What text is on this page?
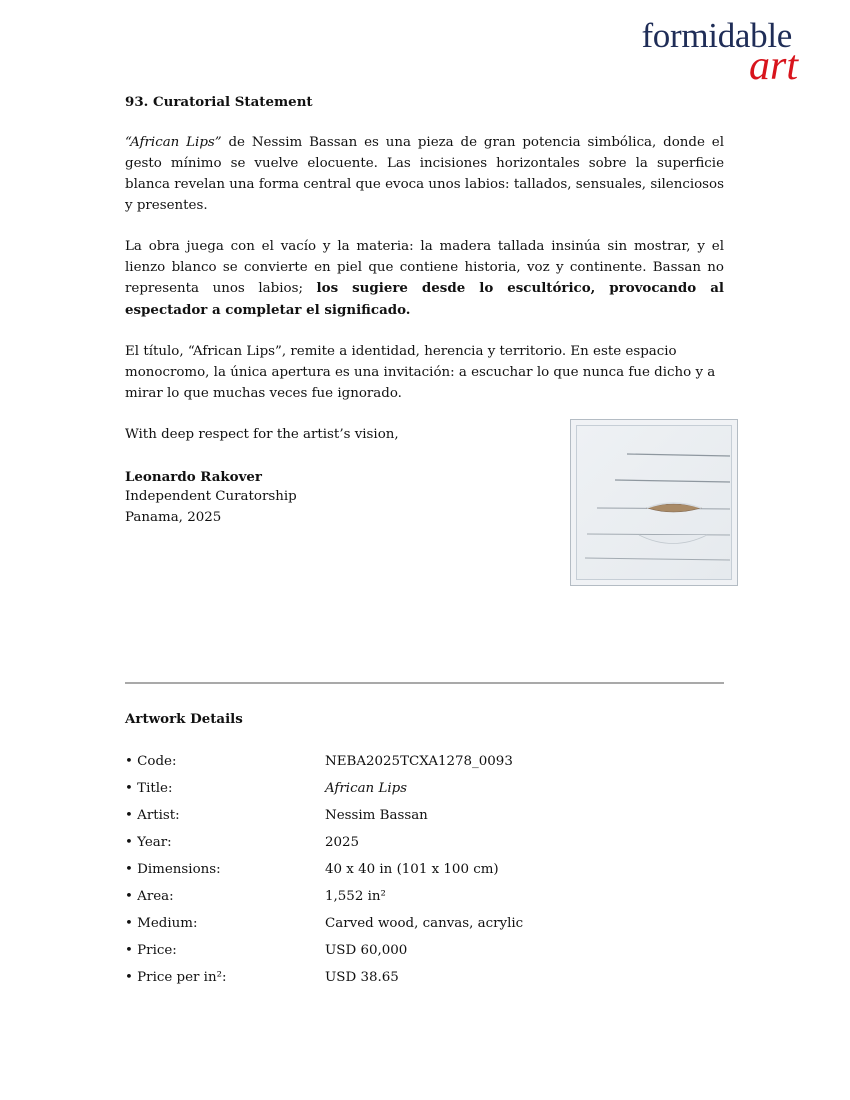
formidable
art
93. Curatorial Statement

“African Lips” de Nessim Bassan es una pieza de gran potencia simbólica, donde el gesto mínimo se vuelve elocuente. Las incisiones horizontales sobre la superficie blanca revelan una forma central que evoca unos labios: tallados, sensuales, silenciosos y presentes.

La obra juega con el vacío y la materia: la madera tallada insinúa sin mostrar, y el lienzo blanco se convierte en piel que contiene historia, voz y continente. Bassan no representa unos labios; los sugiere desde lo escultórico, provocando al espectador a completar el significado.

El título, “African Lips”, remite a identidad, herencia y territorio. En este espacio monocromo, la única apertura es una invitación: a escuchar lo que nunca fue dicho y a mirar lo que muchas veces fue ignorado.

With deep respect for the artist’s vision,

Leonardo Rakover
Independent Curatorship
Panama, 2025
Artwork Details
• Code:	NEBA2025TCXA1278_0093
• Title:	African Lips
• Artist:	Nessim Bassan
• Year:	2025
• Dimensions:	40 x 40 in (101 x 100 cm)
• Area:	1,552 in²
• Medium:	Carved wood, canvas, acrylic
• Price:	USD 60,000
• Price per in²:	USD 38.65
